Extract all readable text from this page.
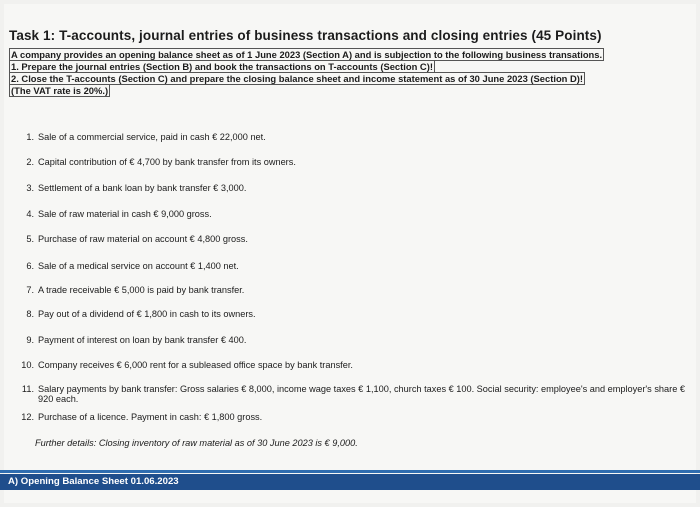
Task 1: T-accounts, journal entries of business transactions and closing entries (45 Points)
A company provides an opening balance sheet as of 1 June 2023 (Section A) and is subjection to the following business transations.
1. Prepare the journal entries (Section B) and book the transactions on T-accounts (Section C)!
2. Close the T-accounts (Section C) and prepare the closing balance sheet and income statement as of 30 June 2023 (Section D)!
(The VAT rate is 20%.)
1. Sale of a commercial service, paid in cash € 22,000 net.
2. Capital contribution of € 4,700 by bank transfer from its owners.
3. Settlement of a bank loan by bank transfer € 3,000.
4. Sale of raw material in cash € 9,000 gross.
5. Purchase of raw material on account € 4,800 gross.
6. Sale of a medical service on account € 1,400 net.
7. A trade receivable € 5,000 is paid by bank transfer.
8. Pay out of a dividend of € 1,800 in cash to its owners.
9. Payment of interest on loan by bank transfer € 400.
10. Company receives € 6,000 rent for a subleased office space by bank transfer.
11. Salary payments by bank transfer: Gross salaries € 8,000, income wage taxes € 1,100, church taxes € 100. Social security: employee's and employer's share €
920 each.
12. Purchase of a licence. Payment in cash: € 1,800 gross.
Further details: Closing inventory of raw material as of 30 June 2023 is € 9,000.
A) Opening Balance Sheet 01.06.2023
